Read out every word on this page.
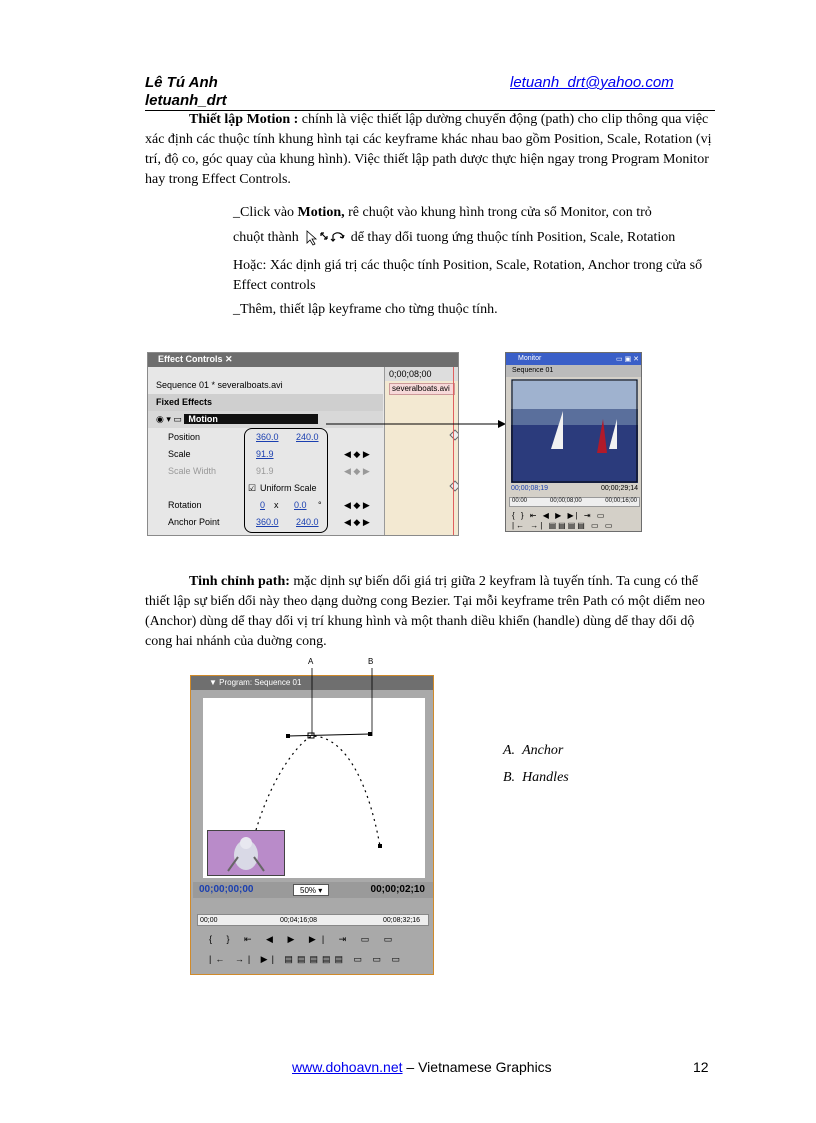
Lê Tú Anh
letuanh_drt
letuanh_drt@yahoo.com

Thiết lập Motion : chính là việc thiết lập dường chuyển động (path) cho clip thông qua việc xác định các thuộc tính khung hình tại các keyframe khác nhau bao gồm Position, Scale, Rotation (vị trí, độ co, góc quay của khung hình). Việc thiết lập path dược thực hiện ngay trong Program Monitor hay trong Effect Controls.

_Click vào Motion, rê chuột vào khung hình trong cửa sổ Monitor, con trỏ

chuột thành	dể thay dổi tuong ứng thuộc tính Position, Scale, Rotation

Hoặc: Xác dịnh giá trị các thuộc tính Position, Scale, Rotation, Anchor trong cửa sổ Effect controls

_Thêm, thiết lập keyframe cho từng thuộc tính.

Effect Controls ✕
0;00;08;00
severalboats.avi
Sequence 01 * severalboats.avi
Fixed Effects
◉ ▾ ▭ Motion
Position	360.0 240.0
Scale	91.9	◀ ◆ ▶
Scale Width	91.9	◀ ◆ ▶
☑ Uniform Scale
Rotation	0 x 0.0 ° ◀ ◆ ▶
Anchor Point	360.0 240.0	◀ ◆ ▶
Monitor	▭ ▣ ✕
Sequence 01
00;00;08;19	00;00;29;14
00:00	00;00;08;00	00;00;16;00
{ } ⇤ ◀ ▶ ▶| ⇥ ▭
|← →| ▤▤▤▤ ▭ ▭

Tinh chỉnh path: mặc dịnh sự biến dổi giá trị giữa 2 keyfram là tuyến tính. Ta cung có thể thiết lập sự biến dổi này theo dạng duờng cong Bezier. Tại mỗi keyframe trên Path có một diểm neo (Anchor) dùng dể thay dổi vị trí khung hình và một thanh diều khiển (handle) dùng dể thay dổi dộ cong hai nhánh của duờng cong.

A	B
▼ Program: Sequence 01
00;00;00;00	50% ▾	00;00;02;10
00;00	00;04;16;08	00;08;32;16
{ } ⇤ ◀ ▶ ▶| ⇥ ▭ ▭
|← →| ▶| ▤▤▤▤▤ ▭ ▭ ▭
A. Anchor
B. Handles
www.dohoavn.net – Vietnamese Graphics	12
